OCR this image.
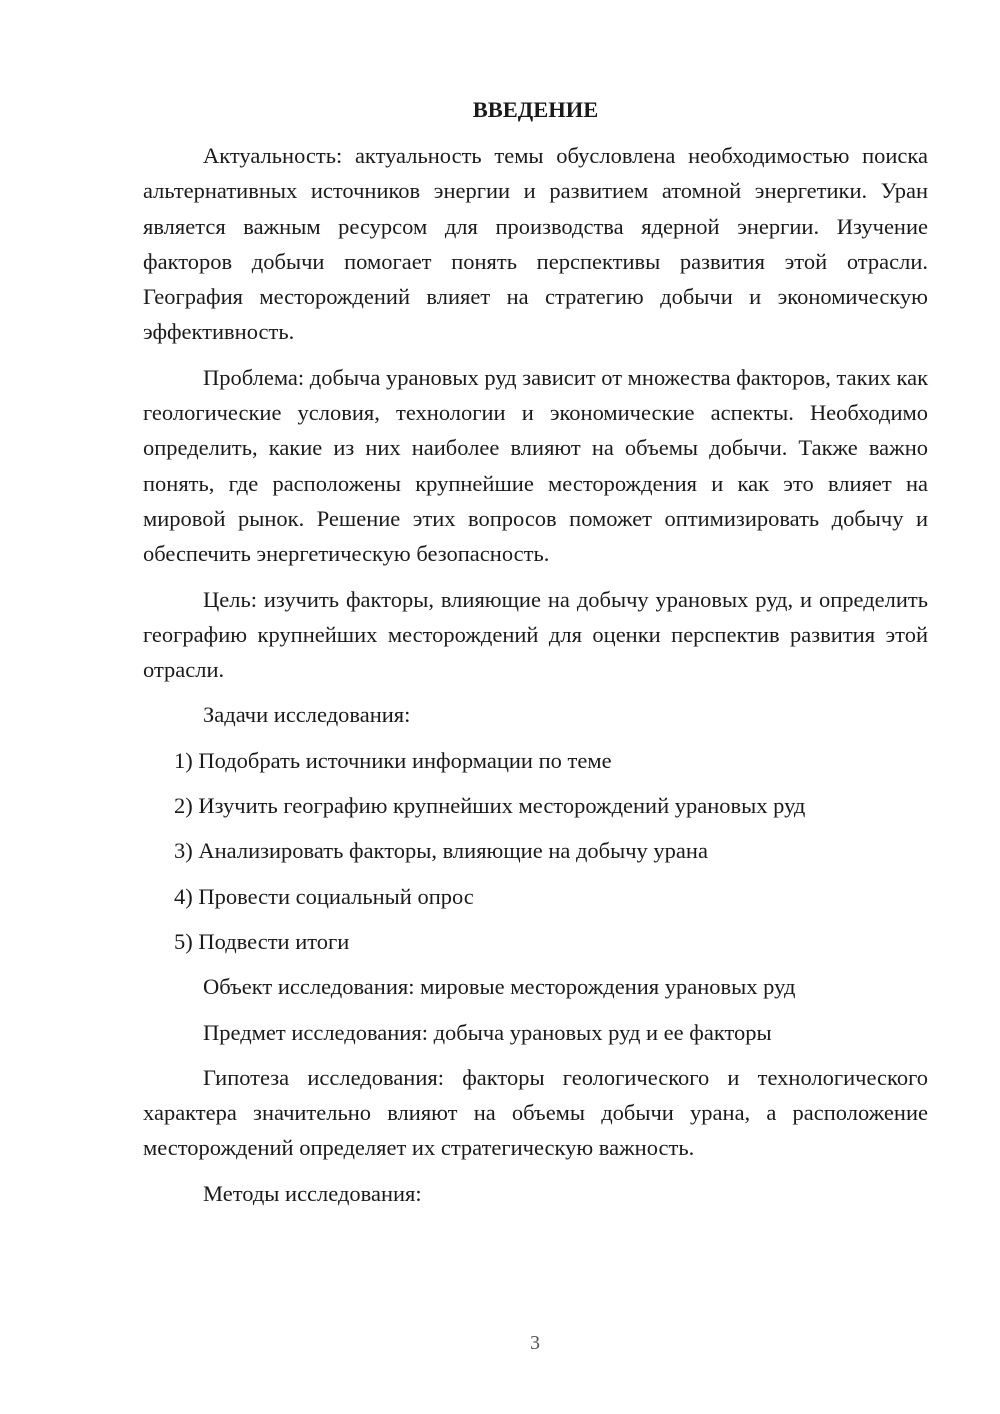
ВВЕДЕНИЕ

Актуальность: актуальность темы обусловлена необходимостью поиска альтернативных источников энергии и развитием атомной энергетики. Уран является важным ресурсом для производства ядерной энергии. Изучение факторов добычи помогает понять перспективы развития этой отрасли. География месторождений влияет на стратегию добычи и экономическую эффективность.

Проблема: добыча урановых руд зависит от множества факторов, таких как геологические условия, технологии и экономические аспекты. Необходимо определить, какие из них наиболее влияют на объемы добычи. Также важно понять, где расположены крупнейшие месторождения и как это влияет на мировой рынок. Решение этих вопросов поможет оптимизировать добычу и обеспечить энергетическую безопасность.

Цель: изучить факторы, влияющие на добычу урановых руд, и определить географию крупнейших месторождений для оценки перспектив развития этой отрасли.

Задачи исследования:

1) Подобрать источники информации по теме

2) Изучить географию крупнейших месторождений урановых руд

3) Анализировать факторы, влияющие на добычу урана

4) Провести социальный опрос

5) Подвести итоги

Объект исследования: мировые месторождения урановых руд

Предмет исследования: добыча урановых руд и ее факторы

Гипотеза исследования: факторы геологического и технологического характера значительно влияют на объемы добычи урана, а расположение месторождений определяет их стратегическую важность.

Методы исследования:

3
